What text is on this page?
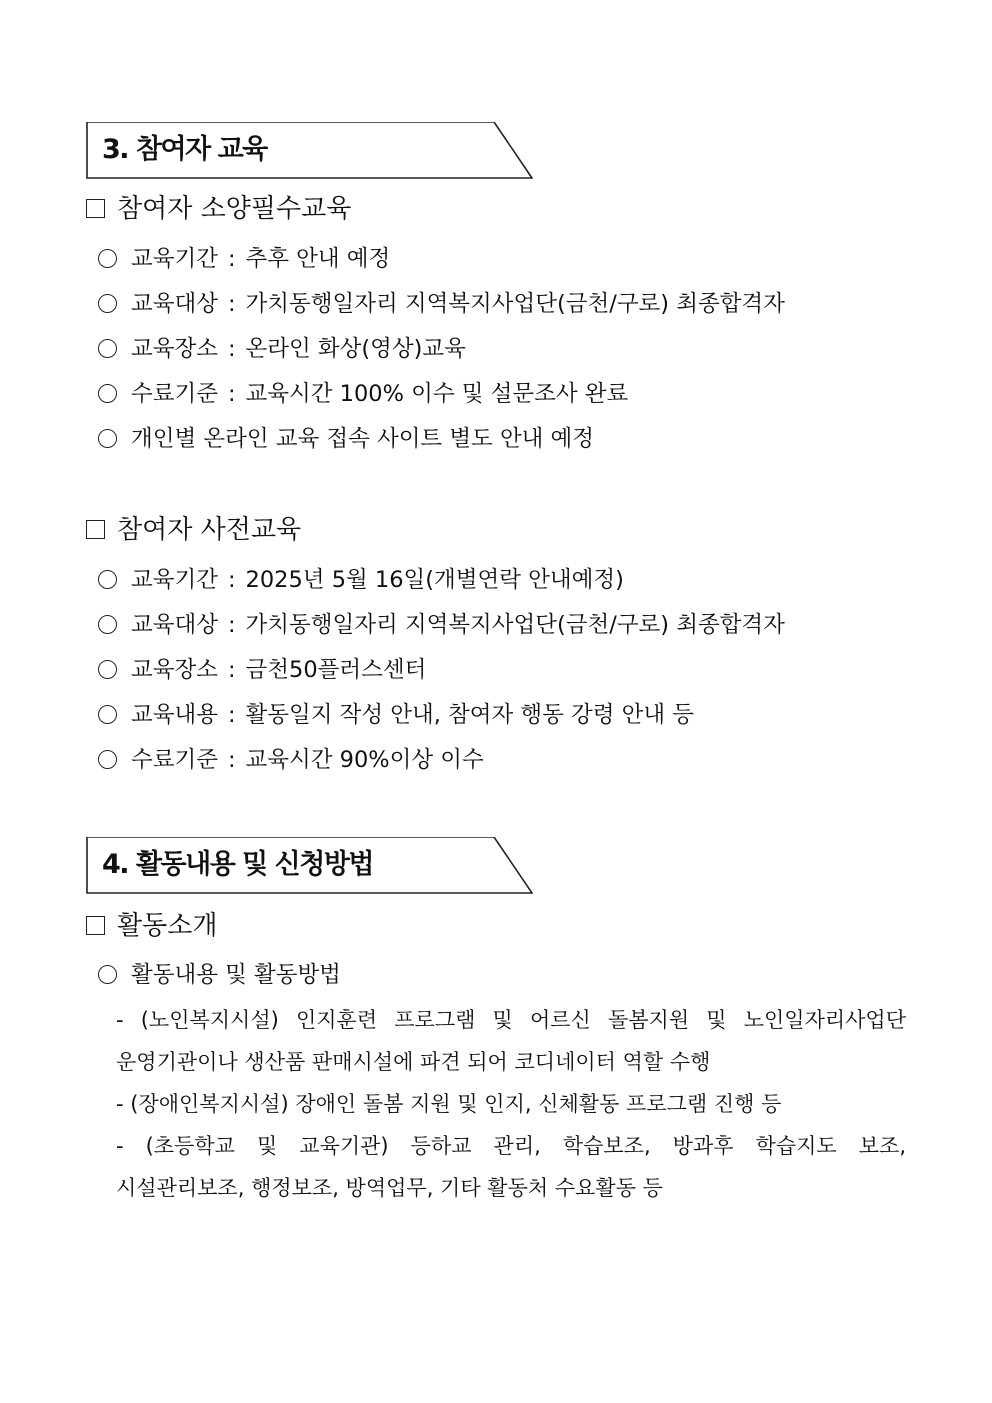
3. 참여자 교육
참여자 소양필수교육
교육기간 : 추후 안내 예정
교육대상 : 가치동행일자리 지역복지사업단(금천/구로) 최종합격자
교육장소 : 온라인 화상(영상)교육
수료기준 : 교육시간 100% 이수 및 설문조사 완료
개인별 온라인 교육 접속 사이트 별도 안내 예정
참여자 사전교육
교육기간 : 2025년 5월 16일(개별연락 안내예정)
교육대상 : 가치동행일자리 지역복지사업단(금천/구로) 최종합격자
교육장소 : 금천50플러스센터
교육내용 : 활동일지 작성 안내, 참여자 행동 강령 안내 등
수료기준 : 교육시간 90%이상 이수
4. 활동내용 및 신청방법
활동소개
활동내용 및 활동방법
- (노인복지시설) 인지훈련 프로그램 및 어르신 돌봄지원 및 노인일자리사업단
운영기관이나 생산품 판매시설에 파견 되어 코디네이터 역할 수행
- (장애인복지시설) 장애인 돌봄 지원 및 인지, 신체활동 프로그램 진행 등
- (초등학교 및 교육기관) 등하교 관리, 학습보조, 방과후 학습지도 보조,
시설관리보조, 행정보조, 방역업무, 기타 활동처 수요활동 등
